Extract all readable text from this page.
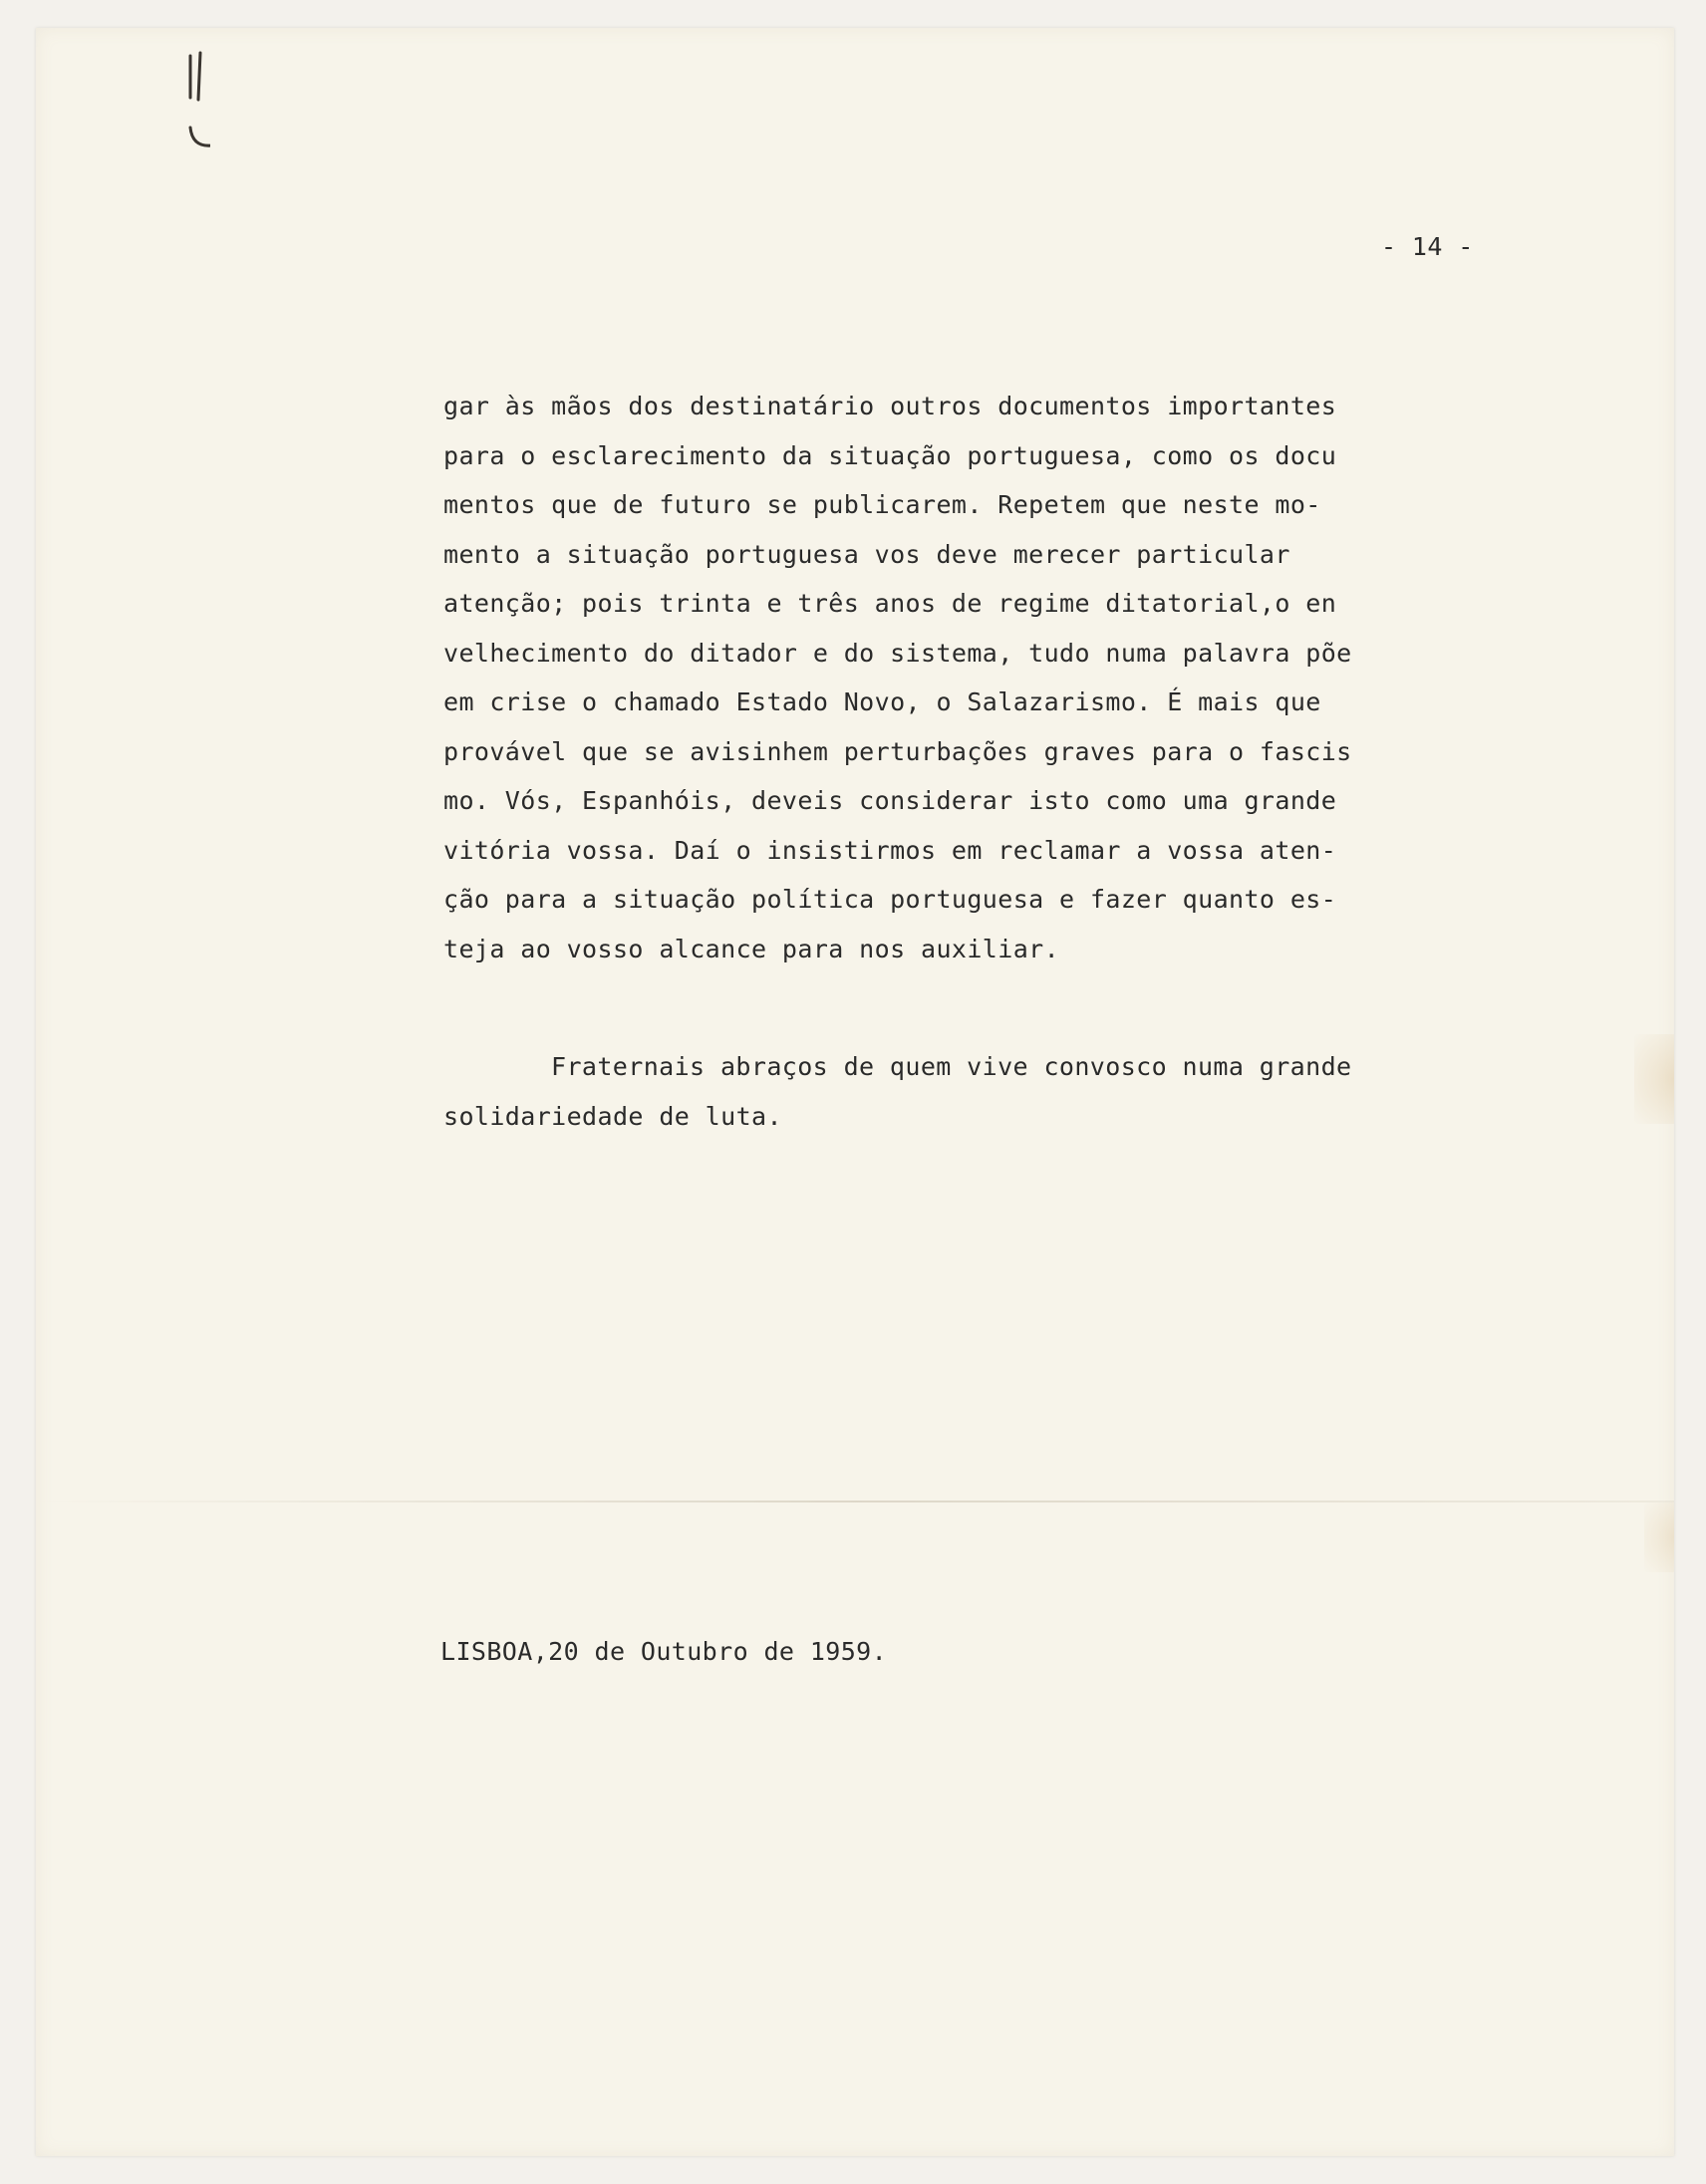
- 14 -

gar às mãos dos destinatário outros documentos importantes

para o esclarecimento da situação portuguesa, como os docu

mentos que de futuro se publicarem. Repetem que neste mo-

mento a situação portuguesa vos deve merecer particular

atenção; pois trinta e três anos de regime ditatorial,o en

velhecimento do ditador e do sistema, tudo numa palavra põe

em crise o chamado Estado Novo, o Salazarismo. É mais que

provável que se avisinhem perturbações graves para o fascis

mo. Vós, Espanhóis, deveis considerar isto como uma grande

vitória vossa. Daí o insistirmos em reclamar a vossa aten-

ção para a situação política portuguesa e fazer quanto es-

teja ao vosso alcance para nos auxiliar.

Fraternais abraços de quem vive convosco numa grande

solidariedade de luta.

LISBOA,20 de Outubro de 1959.
